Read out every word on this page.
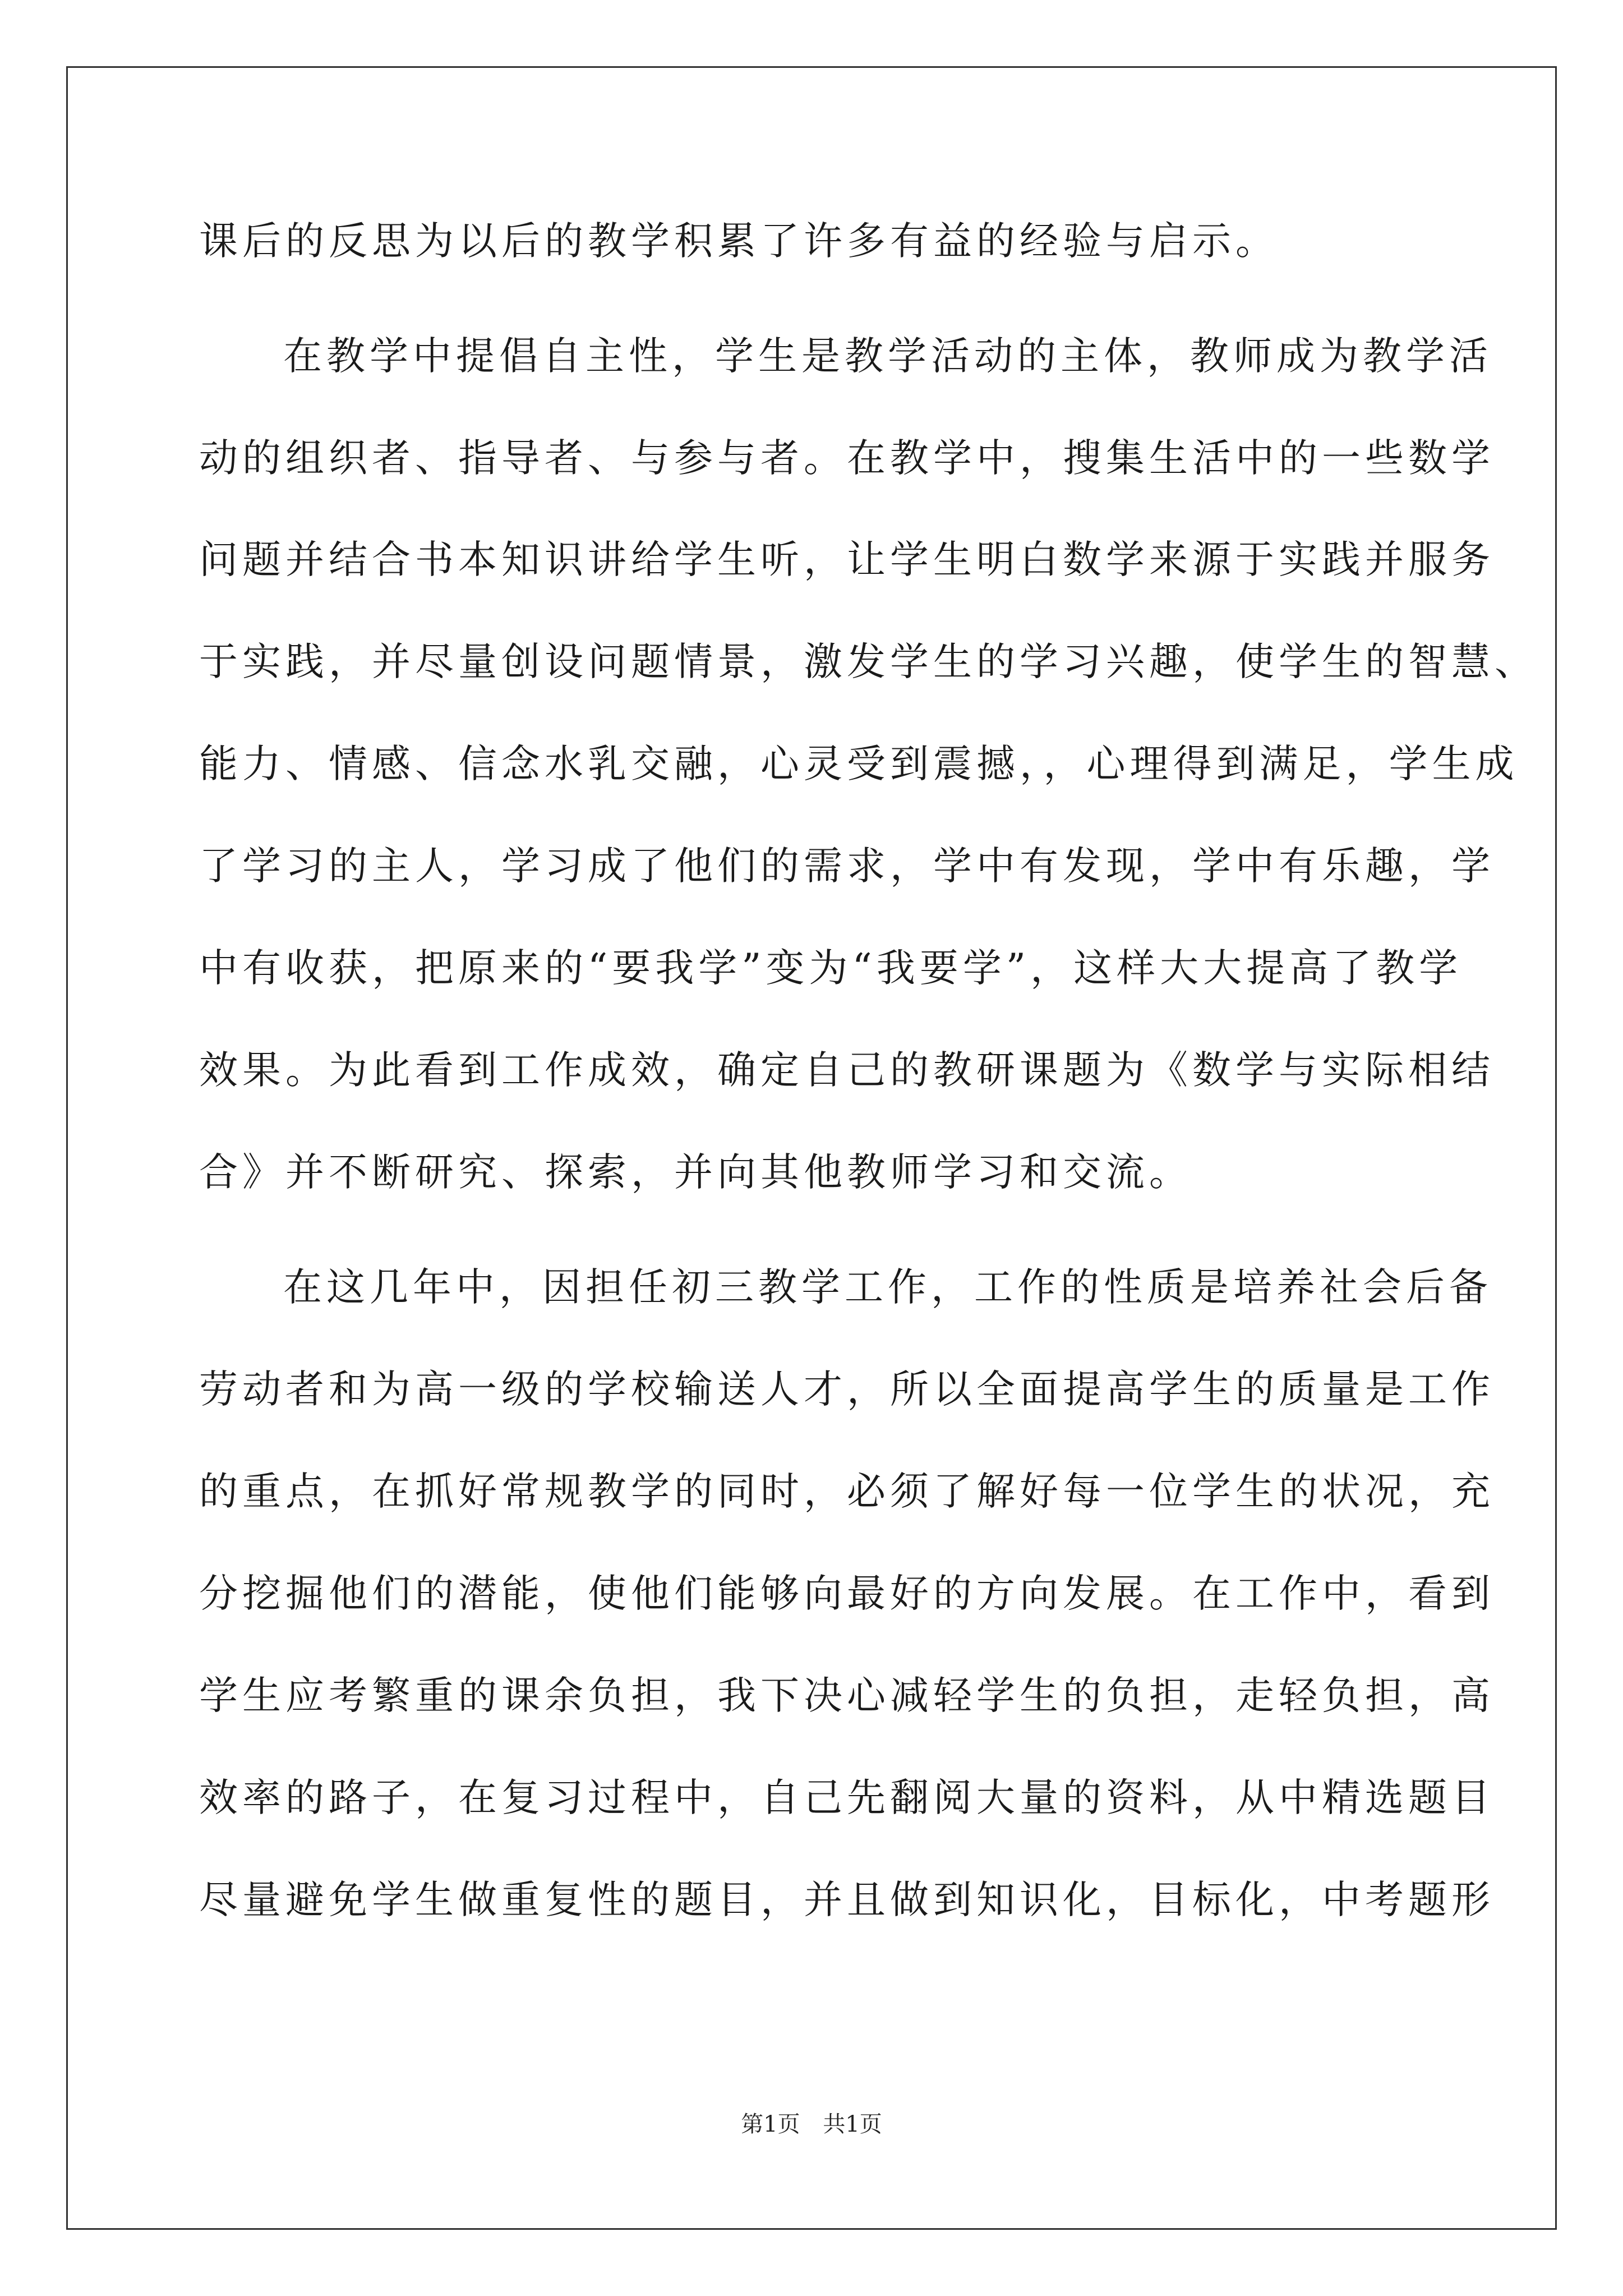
课后的反思为以后的教学积累了许多有益的经验与启示。
在教学中提倡自主性，学生是教学活动的主体，教师成为教学活
动的组织者、指导者、与参与者。在教学中，搜集生活中的一些数学
问题并结合书本知识讲给学生听，让学生明白数学来源于实践并服务
于实践，并尽量创设问题情景，激发学生的学习兴趣，使学生的智慧、
能力、情感、信念水乳交融，心灵受到震撼，，心理得到满足，学生成
了学习的主人，学习成了他们的需求，学中有发现，学中有乐趣，学
中有收获，把原来的“要我学”变为“我要学”，这样大大提高了教学
效果。为此看到工作成效，确定自己的教研课题为《数学与实际相结
合》并不断研究、探索，并向其他教师学习和交流。
在这几年中，因担任初三教学工作，工作的性质是培养社会后备
劳动者和为高一级的学校输送人才，所以全面提高学生的质量是工作
的重点，在抓好常规教学的同时，必须了解好每一位学生的状况，充
分挖掘他们的潜能，使他们能够向最好的方向发展。在工作中，看到
学生应考繁重的课余负担，我下决心减轻学生的负担，走轻负担，高
效率的路子，在复习过程中，自己先翻阅大量的资料，从中精选题目
尽量避免学生做重复性的题目，并且做到知识化，目标化，中考题形
第1页 共1页
